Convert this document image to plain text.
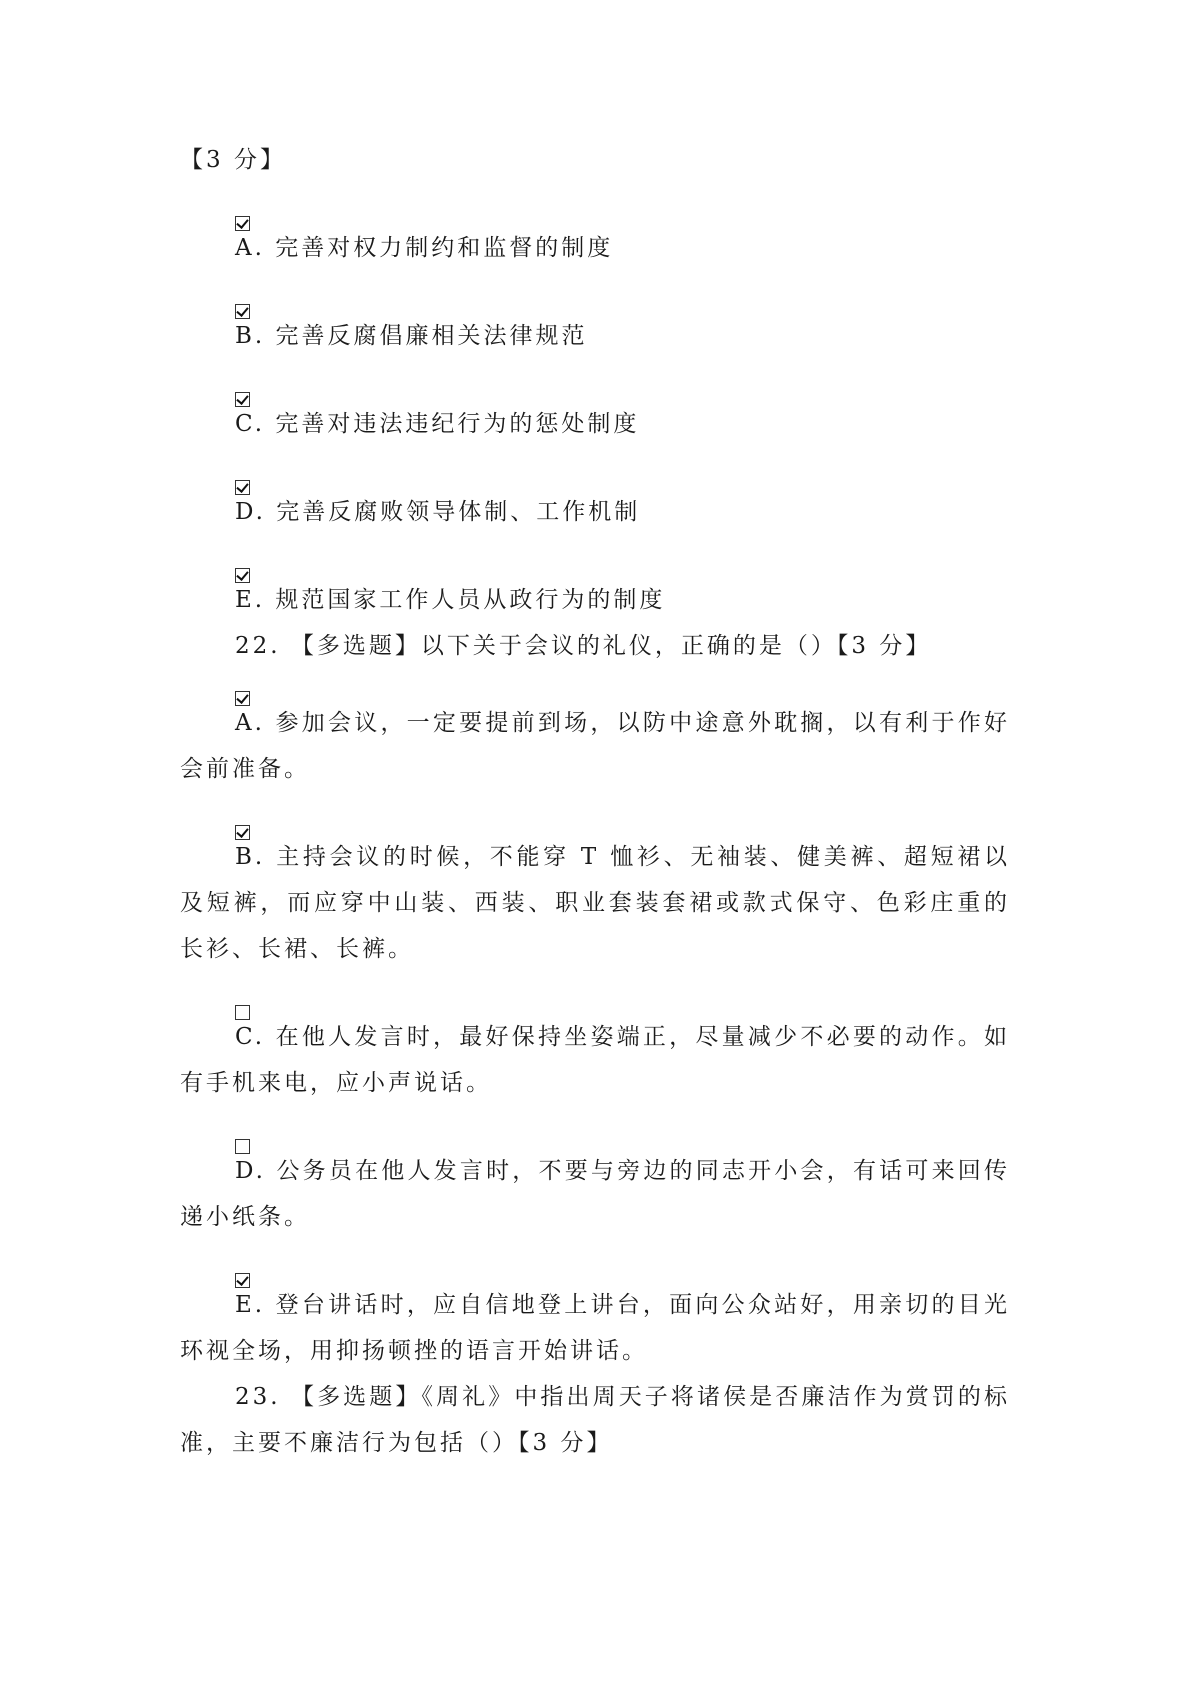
【3 分】
A. 完善对权力制约和监督的制度
B. 完善反腐倡廉相关法律规范
C. 完善对违法违纪行为的惩处制度
D. 完善反腐败领导体制、工作机制
E. 规范国家工作人员从政行为的制度
22. 【多选题】以下关于会议的礼仪，正确的是（）【3 分】
A. 参加会议，一定要提前到场，以防中途意外耽搁，以有利于作好会前准备。
B. 主持会议的时候，不能穿 T 恤衫、无袖装、健美裤、超短裙以及短裤，而应穿中山装、西装、职业套装套裙或款式保守、色彩庄重的长衫、长裙、长裤。
C. 在他人发言时，最好保持坐姿端正，尽量减少不必要的动作。如有手机来电，应小声说话。
D. 公务员在他人发言时，不要与旁边的同志开小会，有话可来回传递小纸条。
E. 登台讲话时，应自信地登上讲台，面向公众站好，用亲切的目光环视全场，用抑扬顿挫的语言开始讲话。
23. 【多选题】《周礼》中指出周天子将诸侯是否廉洁作为赏罚的标准，主要不廉洁行为包括（）【3 分】
